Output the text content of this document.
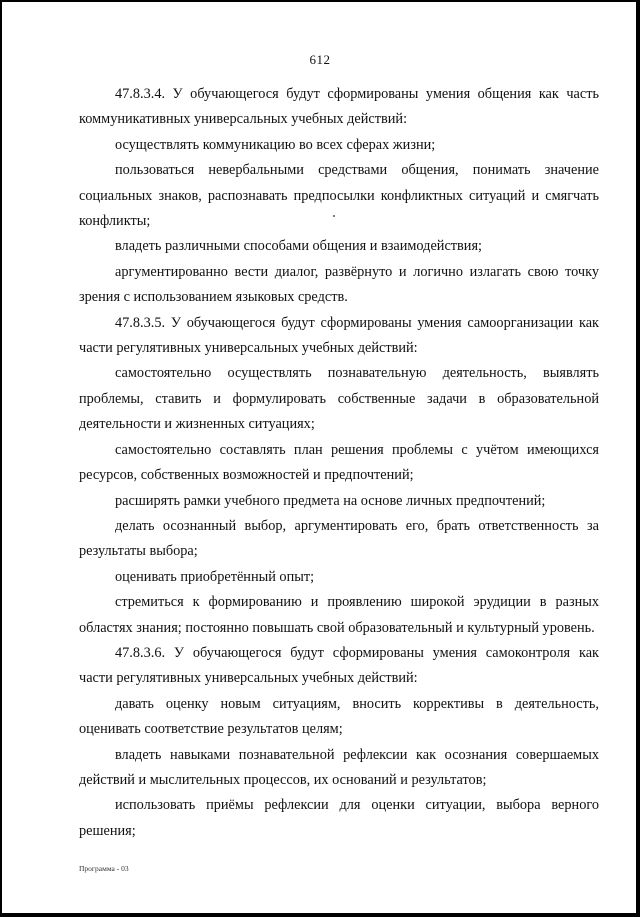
612

47.8.3.4. У обучающегося будут сформированы умения общения как часть коммуникативных универсальных учебных действий:

осуществлять коммуникацию во всех сферах жизни;

пользоваться невербальными средствами общения, понимать значение социальных знаков, распознавать предпосылки конфликтных ситуаций и смягчать конфликты;

владеть различными способами общения и взаимодействия;

аргументированно вести диалог, развёрнуто и логично излагать свою точку зрения с использованием языковых средств.

47.8.3.5. У обучающегося будут сформированы умения самоорганизации как части регулятивных универсальных учебных действий:

самостоятельно осуществлять познавательную деятельность, выявлять проблемы, ставить и формулировать собственные задачи в образовательной деятельности и жизненных ситуациях;

самостоятельно составлять план решения проблемы с учётом имеющихся ресурсов, собственных возможностей и предпочтений;

расширять рамки учебного предмета на основе личных предпочтений;

делать осознанный выбор, аргументировать его, брать ответственность за результаты выбора;

оценивать приобретённый опыт;

стремиться к формированию и проявлению широкой эрудиции в разных областях знания; постоянно повышать свой образовательный и культурный уровень.

47.8.3.6. У обучающегося будут сформированы умения самоконтроля как части регулятивных универсальных учебных действий:

давать оценку новым ситуациям, вносить коррективы в деятельность, оценивать соответствие результатов целям;

владеть навыками познавательной рефлексии как осознания совершаемых действий и мыслительных процессов, их оснований и результатов;

использовать приёмы рефлексии для оценки ситуации, выбора верного решения;

Программа - 03
